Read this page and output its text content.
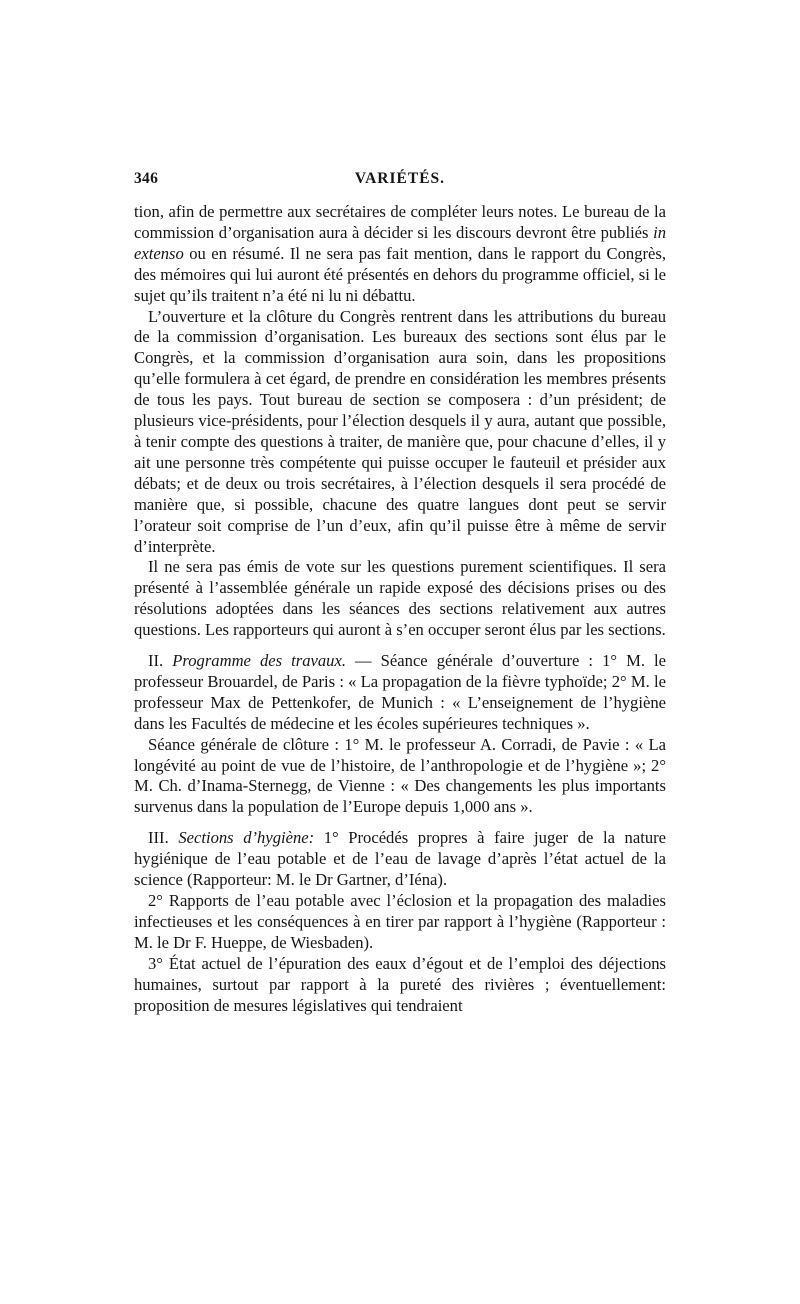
346	VARIÉTÉS.

tion, afin de permettre aux secrétaires de compléter leurs notes. Le bureau de la commission d’organisation aura à décider si les discours devront être publiés in extenso ou en résumé. Il ne sera pas fait mention, dans le rapport du Congrès, des mémoires qui lui auront été présentés en dehors du programme officiel, si le sujet qu’ils traitent n’a été ni lu ni débattu.

L’ouverture et la clôture du Congrès rentrent dans les attributions du bureau de la commission d’organisation. Les bureaux des sections sont élus par le Congrès, et la commission d’organisation aura soin, dans les propositions qu’elle formulera à cet égard, de prendre en considération les membres présents de tous les pays. Tout bureau de section se composera : d’un président; de plusieurs vice-présidents, pour l’élection desquels il y aura, autant que possible, à tenir compte des questions à traiter, de manière que, pour chacune d’elles, il y ait une personne très compétente qui puisse occuper le fauteuil et présider aux débats; et de deux ou trois secrétaires, à l’élection desquels il sera procédé de manière que, si possible, chacune des quatre langues dont peut se servir l’orateur soit comprise de l’un d’eux, afin qu’il puisse être à même de servir d’interprète.

Il ne sera pas émis de vote sur les questions purement scientifiques. Il sera présenté à l’assemblée générale un rapide exposé des décisions prises ou des résolutions adoptées dans les séances des sections relativement aux autres questions. Les rapporteurs qui auront à s’en occuper seront élus par les sections.

II. Programme des travaux. — Séance générale d’ouverture : 1° M. le professeur Brouardel, de Paris : « La propagation de la fièvre typhoïde; 2° M. le professeur Max de Pettenkofer, de Munich : « L’enseignement de l’hygiène dans les Facultés de médecine et les écoles supérieures techniques ».

Séance générale de clôture : 1° M. le professeur A. Corradi, de Pavie : « La longévité au point de vue de l’histoire, de l’anthropologie et de l’hygiène »; 2° M. Ch. d’Inama-Sternegg, de Vienne : « Des changements les plus importants survenus dans la population de l’Europe depuis 1,000 ans ».

III. Sections d’hygiène: 1° Procédés propres à faire juger de la nature hygiénique de l’eau potable et de l’eau de lavage d’après l’état actuel de la science (Rapporteur: M. le Dr Gartner, d’Iéna).

2° Rapports de l’eau potable avec l’éclosion et la propagation des maladies infectieuses et les conséquences à en tirer par rapport à l’hygiène (Rapporteur : M. le Dr F. Hueppe, de Wiesbaden).

3° État actuel de l’épuration des eaux d’égout et de l’emploi des déjections humaines, surtout par rapport à la pureté des rivières ; éventuellement: proposition de mesures législatives qui tendraient
